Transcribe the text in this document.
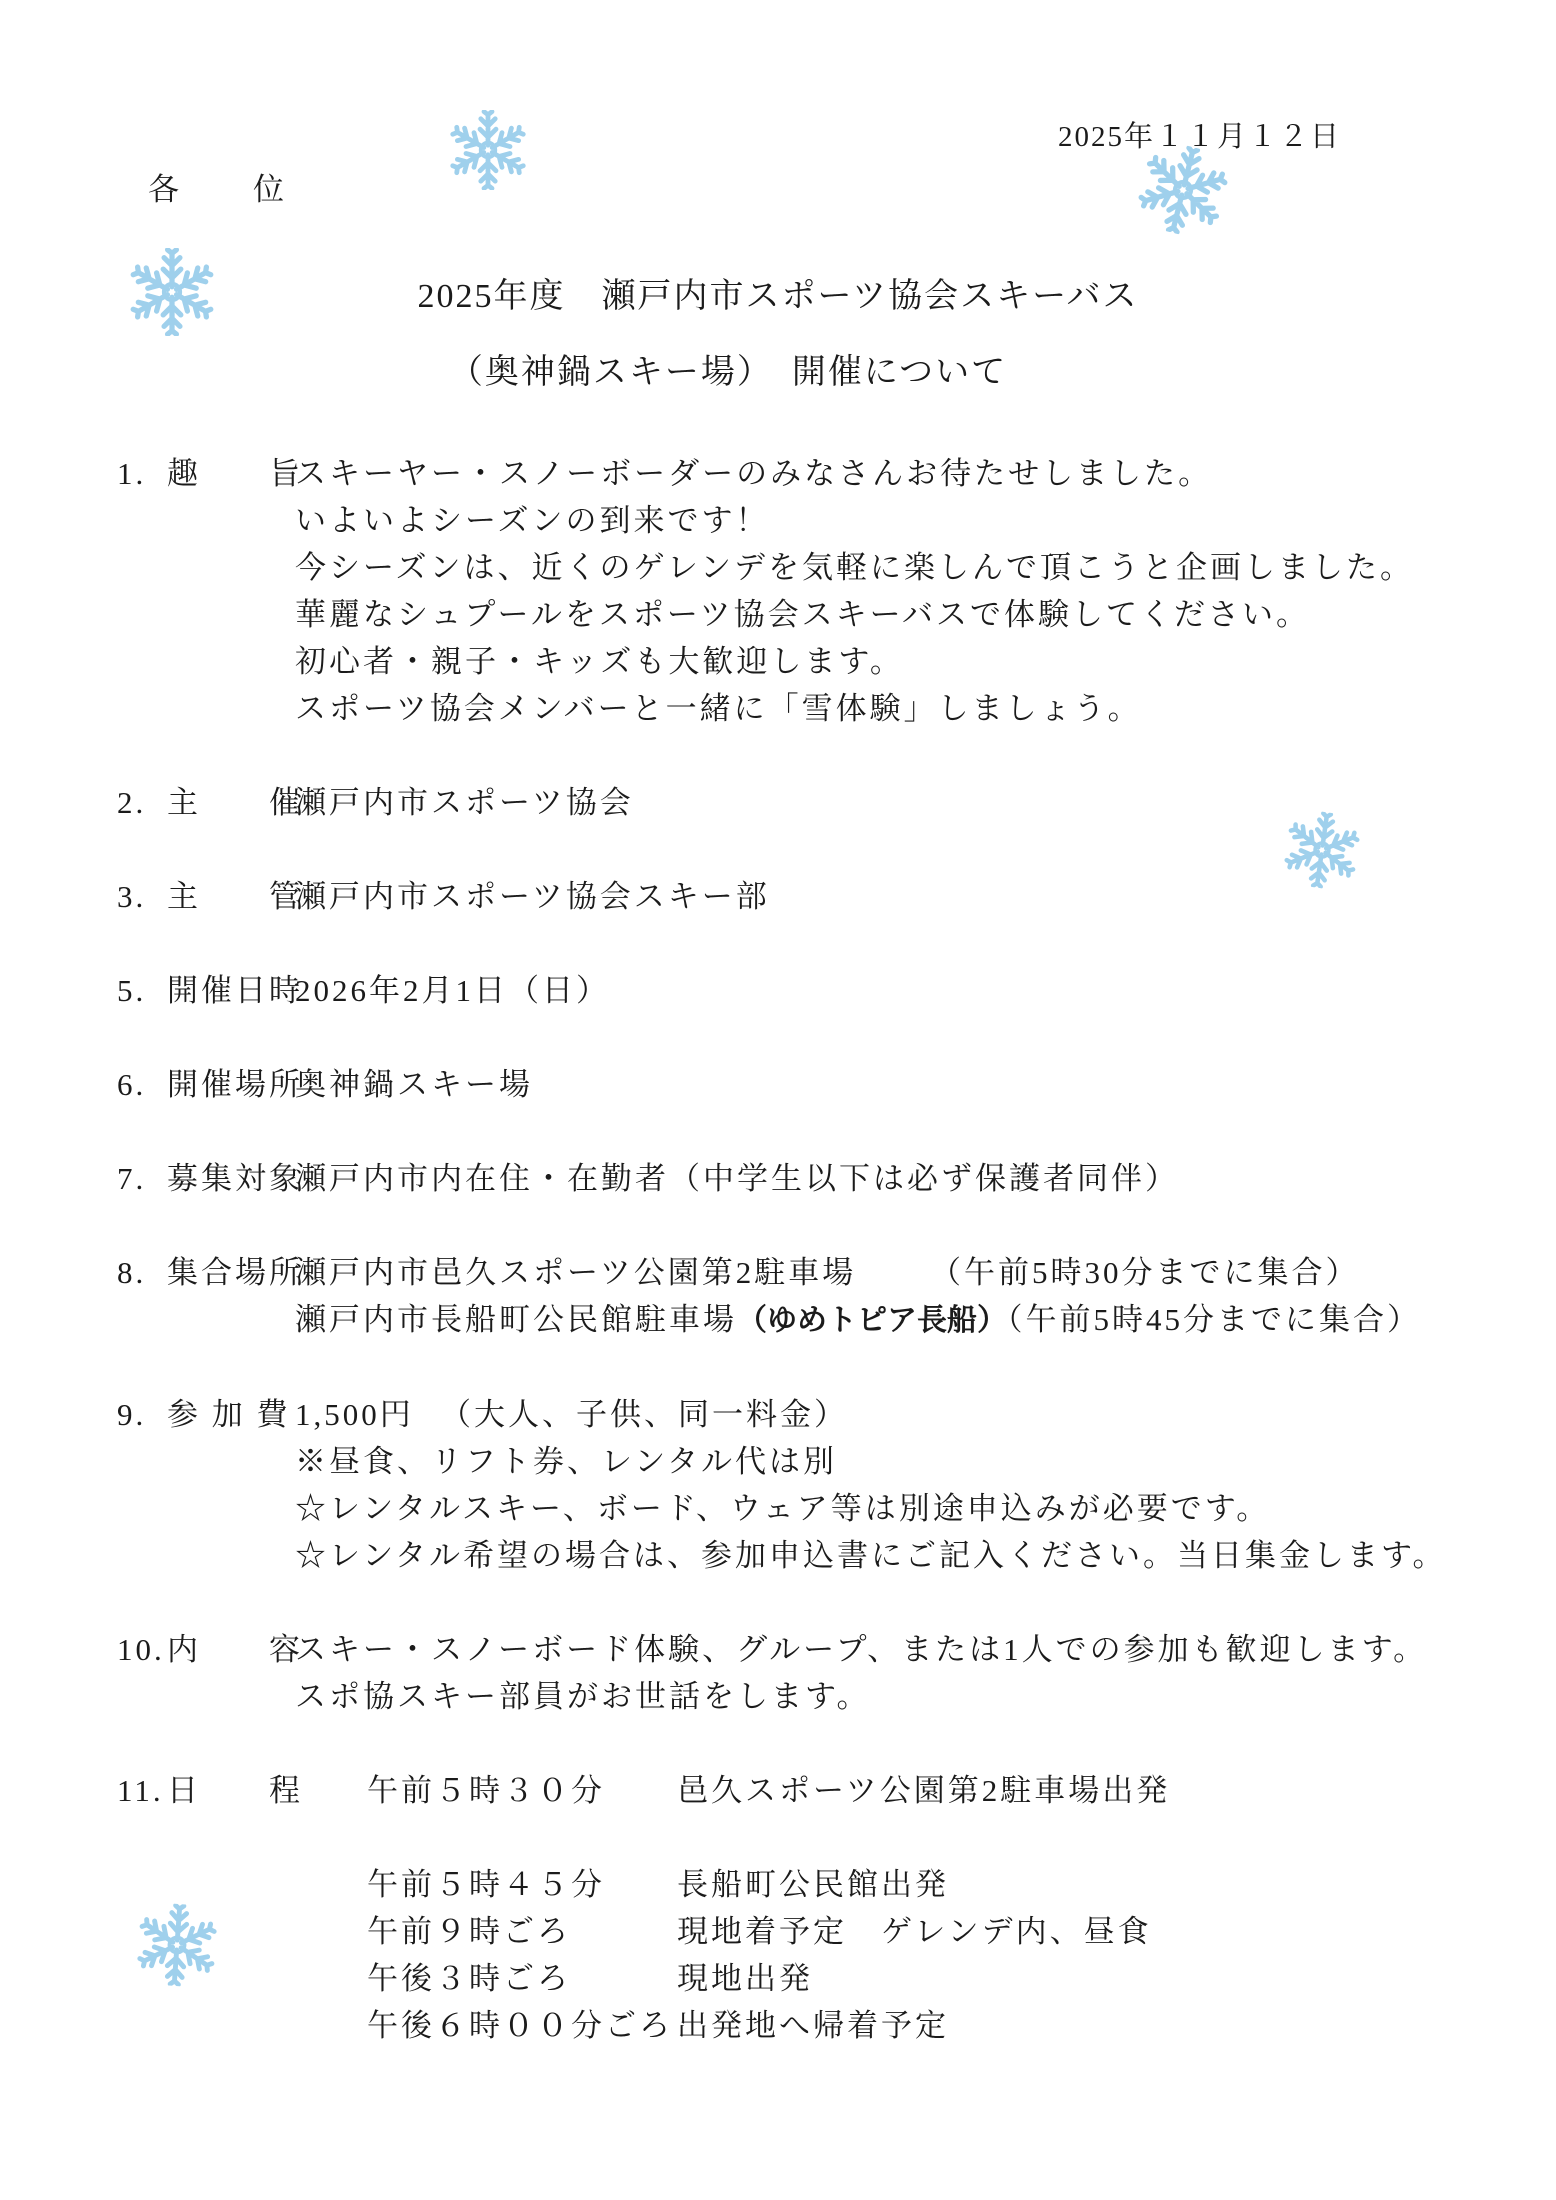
2025年１１月１２日
各　　位
2025年度　瀬戸内市スポーツ協会スキーバス
（奥神鍋スキー場）　開催について
1. 趣　　旨
スキーヤー・スノーボーダーのみなさんお待たせしました。
いよいよシーズンの到来です！
今シーズンは、近くのゲレンデを気軽に楽しんで頂こうと企画しました。
華麗なシュプールをスポーツ協会スキーバスで体験してください。
初心者・親子・キッズも大歓迎します。
スポーツ協会メンバーと一緒に「雪体験」しましょう。
2. 主　　催
瀬戸内市スポーツ協会
3. 主　　管
瀬戸内市スポーツ協会スキー部
5. 開催日時
2026年2月1日（日）
6. 開催場所
奥神鍋スキー場
7. 募集対象
瀬戸内市内在住・在勤者（中学生以下は必ず保護者同伴）
8. 集合場所
瀬戸内市邑久スポーツ公園第2駐車場 （午前5時30分までに集合）
瀬戸内市長船町公民館駐車場（ゆめトピア長船）（午前5時45分までに集合）
9. 参 加 費 1,500円 （大人、子供、同一料金）
※昼食、リフト券、レンタル代は別
☆レンタルスキー、ボード、ウェア等は別途申込みが必要です。
☆レンタル希望の場合は、参加申込書にご記入ください。当日集金します。
10. 内　　容
スキー・スノーボード体験、グループ、または1人での参加も歓迎します。
スポ協スキー部員がお世話をします。
11. 日　　程 午前５時３０分	邑久スポーツ公園第2駐車場出発
午前５時４５分	長船町公民館出発
午前９時ごろ	現地着予定　ゲレンデ内、昼食
午後３時ごろ	現地出発
午後６時００分ごろ 出発地へ帰着予定
